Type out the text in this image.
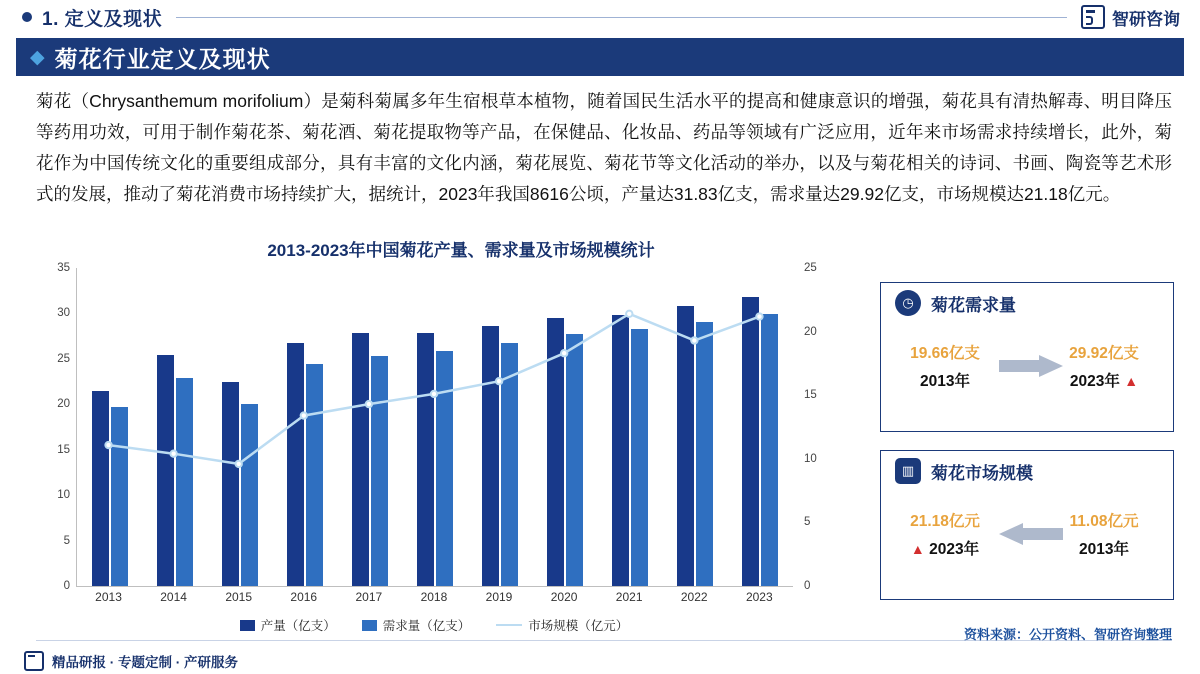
1. 定义及现状	智研咨询
◆ 菊花行业定义及现状
菊花（Chrysanthemum morifolium）是菊科菊属多年生宿根草本植物，随着国民生活水平的提高和健康意识的增强，菊花具有清热解毒、明目降压等药用功效，可用于制作菊花茶、菊花酒、菊花提取物等产品，在保健品、化妆品、药品等领域有广泛应用，近年来市场需求持续增长，此外，菊花作为中国传统文化的重要组成部分，具有丰富的文化内涵，菊花展览、菊花节等文化活动的举办，以及与菊花相关的诗词、书画、陶瓷等艺术形式的发展，推动了菊花消费市场持续扩大，据统计，2023年我国8616公顷，产量达31.83亿支，需求量达29.92亿支，市场规模达21.18亿元。
2013-2023年中国菊花产量、需求量及市场规模统计
0
5
10
15
20
25
30
35
0
5
10
15
20
25
2013	2014	2015	2016	2017	2018	2019	2020	2021	2022	2023
产量（亿支）	需求量（亿支）	市场规模（亿元）
◷	菊花需求量
19.66亿支
2013年
29.92亿支
2023年 ▲
▥ 菊花市场规模
21.18亿元
▲ 2023年
11.08亿元
2013年
资料来源：公开资料、智研咨询整理
精品研报 · 专题定制 · 产研服务
